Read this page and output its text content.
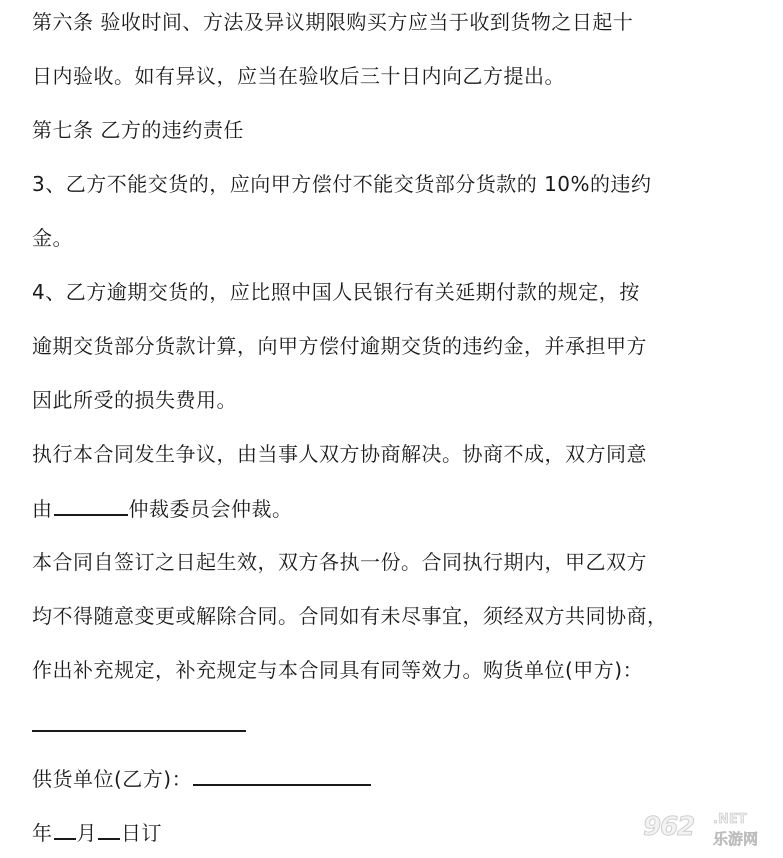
第六条 验收时间、方法及异议期限购买方应当于收到货物之日起十
日内验收。如有异议，应当在验收后三十日内向乙方提出。
第七条 乙方的违约责任
3、乙方不能交货的，应向甲方偿付不能交货部分货款的 10%的违约
金。
4、乙方逾期交货的，应比照中国人民银行有关延期付款的规定，按
逾期交货部分货款计算，向甲方偿付逾期交货的违约金，并承担甲方
因此所受的损失费用。
执行本合同发生争议，由当事人双方协商解决。协商不成，双方同意
由	仲裁委员会仲裁。
本合同自签订之日起生效，双方各执一份。合同执行期内，甲乙双方
均不得随意变更或解除合同。合同如有未尽事宜，须经双方共同协商，
作出补充规定，补充规定与本合同具有同等效力。购货单位(甲方)：
供货单位(乙方)：
年 月 日订	962 .NET
乐游网
